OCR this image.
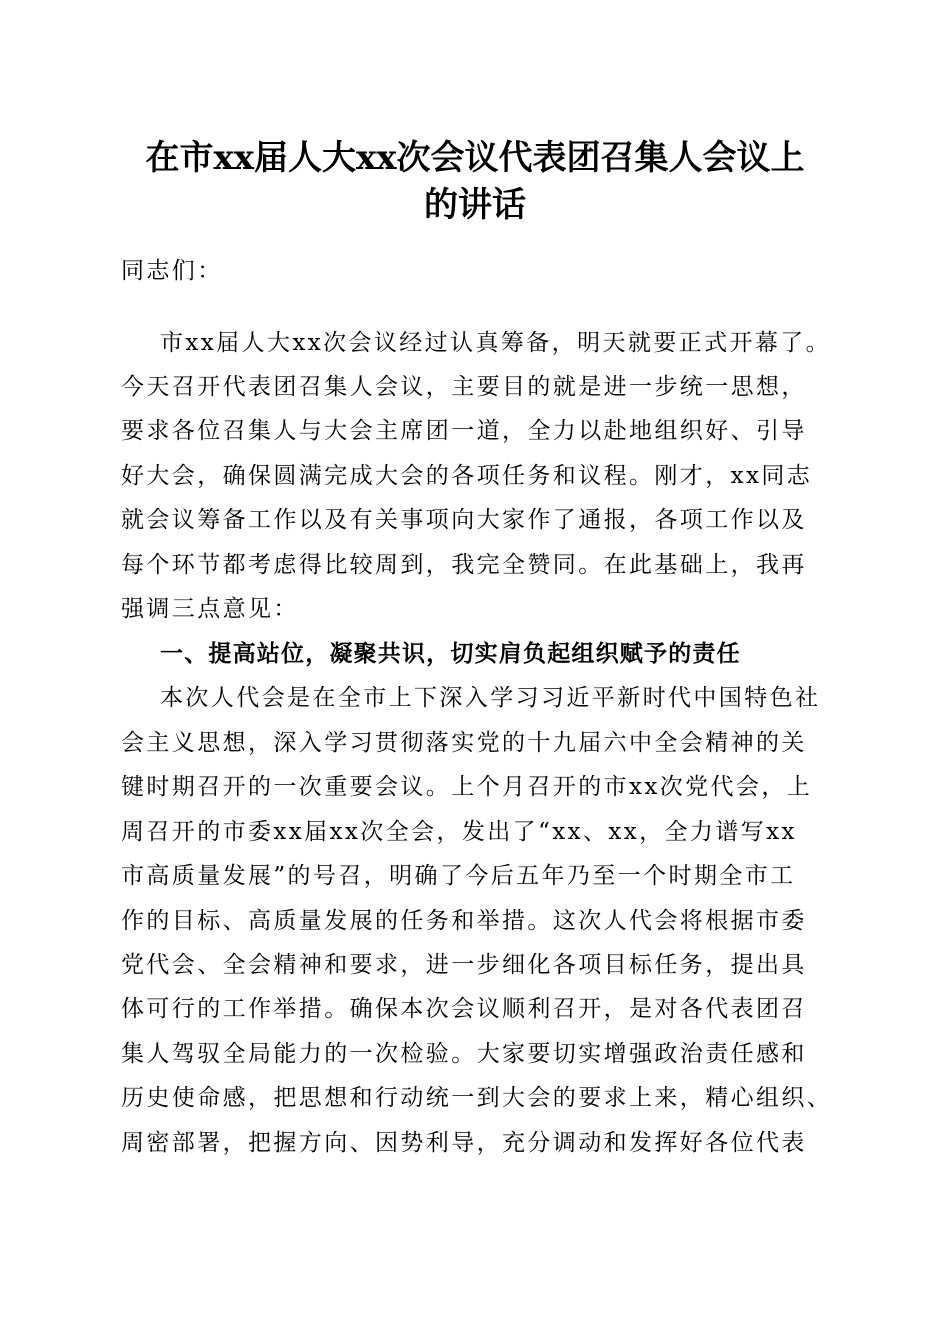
在市xx届人大xx次会议代表团召集人会议上
的讲话
同志们：
市xx届人大xx次会议经过认真筹备，明天就要正式开幕了。
今天召开代表团召集人会议，主要目的就是进一步统一思想，
要求各位召集人与大会主席团一道，全力以赴地组织好、引导
好大会，确保圆满完成大会的各项任务和议程。刚才，xx同志
就会议筹备工作以及有关事项向大家作了通报，各项工作以及
每个环节都考虑得比较周到，我完全赞同。在此基础上，我再
强调三点意见：
一、提高站位，凝聚共识，切实肩负起组织赋予的责任
本次人代会是在全市上下深入学习习近平新时代中国特色社
会主义思想，深入学习贯彻落实党的十九届六中全会精神的关
键时期召开的一次重要会议。上个月召开的市xx次党代会，上
周召开的市委xx届xx次全会，发出了“xx、xx，全力谱写xx
市高质量发展”的号召，明确了今后五年乃至一个时期全市工
作的目标、高质量发展的任务和举措。这次人代会将根据市委
党代会、全会精神和要求，进一步细化各项目标任务，提出具
体可行的工作举措。确保本次会议顺利召开，是对各代表团召
集人驾驭全局能力的一次检验。大家要切实增强政治责任感和
历史使命感，把思想和行动统一到大会的要求上来，精心组织、
周密部署，把握方向、因势利导，充分调动和发挥好各位代表
